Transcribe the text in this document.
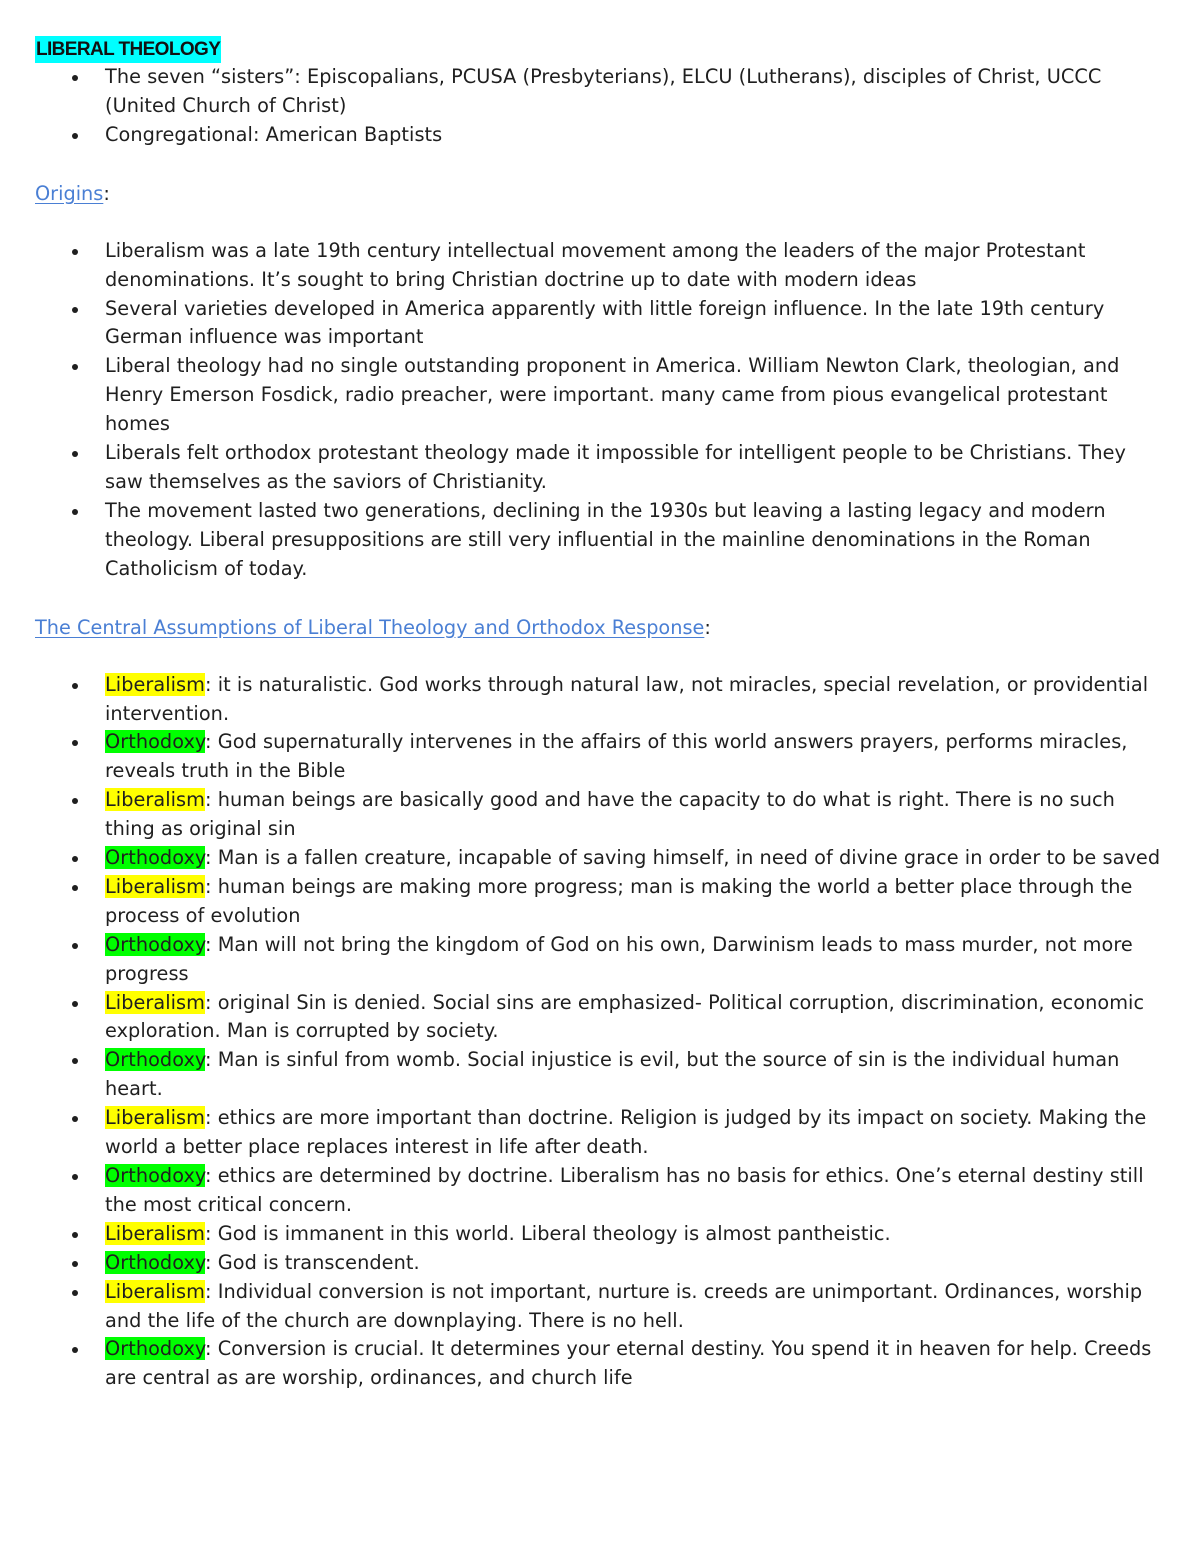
LIBERAL THEOLOGY
The seven “sisters”: Episcopalians, PCUSA (Presbyterians), ELCU (Lutherans), disciples of Christ, UCCC (United Church of Christ)
Congregational: American Baptists

Origins:

Liberalism was a late 19th century intellectual movement among the leaders of the major Protestant denominations. It’s sought to bring Christian doctrine up to date with modern ideas
Several varieties developed in America apparently with little foreign influence. In the late 19th century German influence was important
Liberal theology had no single outstanding proponent in America. William Newton Clark, theologian, and Henry Emerson Fosdick, radio preacher, were important. many came from pious evangelical protestant homes
Liberals felt orthodox protestant theology made it impossible for intelligent people to be Christians. They saw themselves as the saviors of Christianity.
The movement lasted two generations, declining in the 1930s but leaving a lasting legacy and modern theology. Liberal presuppositions are still very influential in the mainline denominations in the Roman Catholicism of today.

The Central Assumptions of Liberal Theology and Orthodox Response:

Liberalism: it is naturalistic. God works through natural law, not miracles, special revelation, or providential intervention.
Orthodoxy: God supernaturally intervenes in the affairs of this world answers prayers, performs miracles, reveals truth in the Bible
Liberalism: human beings are basically good and have the capacity to do what is right. There is no such thing as original sin
Orthodoxy: Man is a fallen creature, incapable of saving himself, in need of divine grace in order to be saved
Liberalism: human beings are making more progress; man is making the world a better place through the process of evolution
Orthodoxy: Man will not bring the kingdom of God on his own, Darwinism leads to mass murder, not more progress
Liberalism: original Sin is denied. Social sins are emphasized- Political corruption, discrimination, economic exploration. Man is corrupted by society.
Orthodoxy: Man is sinful from womb. Social injustice is evil, but the source of sin is the individual human heart.
Liberalism: ethics are more important than doctrine. Religion is judged by its impact on society. Making the world a better place replaces interest in life after death.
Orthodoxy: ethics are determined by doctrine. Liberalism has no basis for ethics. One’s eternal destiny still the most critical concern.
Liberalism: God is immanent in this world. Liberal theology is almost pantheistic.
Orthodoxy: God is transcendent.
Liberalism: Individual conversion is not important, nurture is. creeds are unimportant. Ordinances, worship and the life of the church are downplaying. There is no hell.
Orthodoxy: Conversion is crucial. It determines your eternal destiny. You spend it in heaven for help. Creeds are central as are worship, ordinances, and church life
